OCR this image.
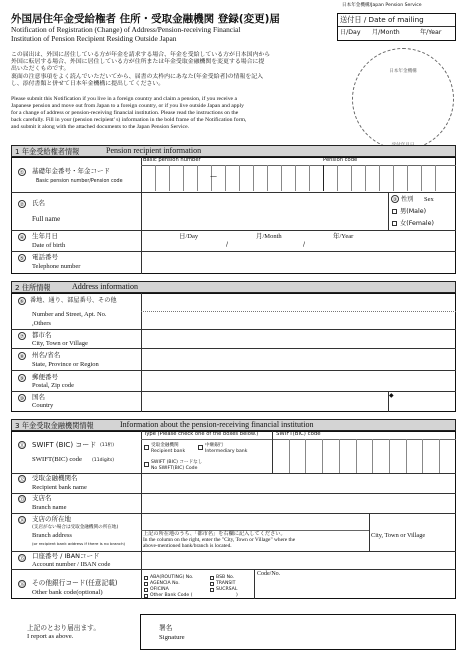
日本年金機構/Japan Pension Service
外国居住年金受給権者 住所・受取金融機関 登録(変更)届
Notification of Registration (Change) of Address/Pension-receiving Financial
Institution of Pension Recipient Residing Outside Japan
送付日 / Date of mailing
日/Day 月/Month	年/Year
この届出は、外国に居住している方が年金を請求する場合、年金を受給している方が日本国内から
外国に転居する場合、外国に居住している方が住所または年金受取金融機関を変更する場合に提
出いただくものです。
裏面の注意事項をよく読んでいただいてから、届書の太枠内にあなた(年金受給者)の情報を記入
し、添付書類と併せて日本年金機構に提出してください。
Please submit this Notification if you live in a foreign country and claim a pension, if you receive a
Japanese pension and move out from Japan to a foreign country, or if you live outside Japan and apply
for a change of address or pension-receiving financial institution. Please read the instructions on the
back carefully. Fill in your (pension recipient' s) information in the bold frame of the Notification form,
and submit it along with the attached documents to the Japan Pension Service.
日本年金機構
1 年金受給権者情報	Pension recipient information
① 基礎年金番号・年金コード
Basic pension number/Pension code
Basic pension number	Pension code
—
② 氏名
Full name
③ 性別 Sex
男(Male)
女(Female)
④ 生年月日
Date of birth
日/Day	月/Month	年/Year
/	/
⑤ 電話番号
Telephone number
2 住所情報	Address information
⑥ 番地、通り、部屋番号、その他
Number and Street, Apt. No.
,Others
⑦ 都市名
City, Town or Village
⑧ 州名/省名
State, Province or Region
⑨ 郵便番号
Postal, Zip code
⑩ 国名
Country
◆
3 年金受取金融機関情報	Information about the pension-receiving financial institution
⑪ SWIFT (BIC) コード (11桁)
SWIFT(BIC) code (11digits)
Type (Please check one of the boxes below.)	SWIFT(BIC) code
受取金融機関
Recipient bank
中継銀行
Intermediary bank
SWIFT (BIC) コードなし
No SWIFT(BIC) Code
⑫ 受取金融機関名
Recipient bank name
⑬ 支店名
Branch name
⑭ 支店の所在地
(支店がない場合は受取金融機関の所在地)
Branch address
(or recipient bank address if there is no branch)
上記の所在地のうち、「都市名」を右欄に記入してください。
In the column on the right, enter the "City, Town or Village" where the
above-mentioned bank/branch is located.
City, Town or Village
⑮ 口座番号 / IBANコード
Account number / IBAN code
⑯ その他銀行コード(任意記載)
Other bank code(optional)
ABA(ROUTING) No.	BSB No.
AGENCIA No.	TRANSIT
OFICINA	SUCRSAL
Other Bank Code (	)
Code/No.
上記のとおり届出ます。
I report as above.
署名
Signature
